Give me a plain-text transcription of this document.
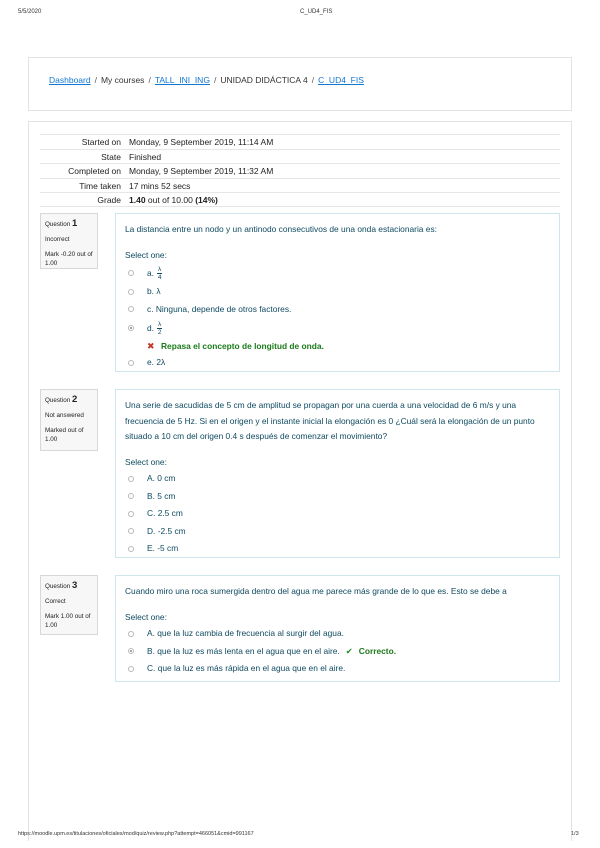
5/5/2020	C_UD4_FIS
Dashboard / My courses / TALL_INI_ING / UNIDAD DIDÁCTICA 4 / C_UD4_FIS
Started on Monday, 9 September 2019, 11:14 AM
State Finished
Completed on Monday, 9 September 2019, 11:32 AM
Time taken 17 mins 52 secs
Grade 1.40 out of 10.00 (14%)
Question 1
Incorrect
Mark -0.20 out of 1.00
La distancia entre un nodo y un antinodo consecutivos de una onda estacionaria es:
Select one:
a. $\frac{\lambda}{4}$
b. λ
c. Ninguna, depende de otros factores.
d. $\frac{\lambda}{2}$
✖ Repasa el concepto de longitud de onda.
e. 2λ
Question 2
Not answered
Marked out of 1.00
Una serie de sacudidas de 5 cm de amplitud se propagan por una cuerda a una velocidad de 6 m/s y una frecuencia de 5 Hz. Si en el origen y el instante inicial la elongación es 0 ¿Cuál será la elongación de un punto situado a 10 cm del origen 0.4 s después de comenzar el movimiento?
Select one:
A. 0 cm
B. 5 cm
C. 2.5 cm
D. -2.5 cm
E. -5 cm
Question 3
Correct
Mark 1.00 out of 1.00
Cuando miro una roca sumergida dentro del agua me parece más grande de lo que es. Esto se debe a
Select one:
A. que la luz cambia de frecuencia al surgir del agua.
B. que la luz es más lenta en el agua que en el aire. ✔ Correcto.
C. que la luz es más rápida en el agua que en el aire.
https://moodle.upm.es/titulaciones/oficiales/mod/quiz/review.php?attempt=466051&cmid=991167	1/3
